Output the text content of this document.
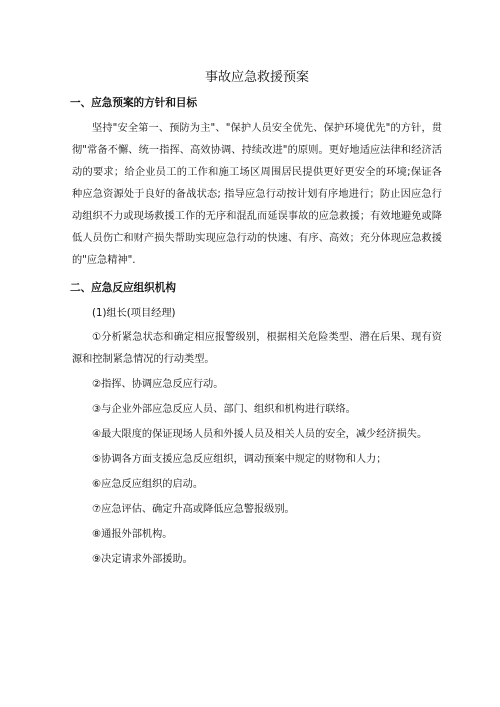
事故应急救援预案
一、应急预案的方针和目标

坚持"安全第一、预防为主"、"保护人员安全优先、保护环境优先"的方针，贯彻"常备不懈、统一指挥、高效协调、持续改进"的原则。更好地适应法律和经济活动的要求；给企业员工的工作和施工场区周围居民提供更好更安全的环境;保证各种应急资源处于良好的备战状态; 指导应急行动按计划有序地进行；防止因应急行动组织不力或现场救援工作的无序和混乱而延误事故的应急救援；有效地避免或降低人员伤亡和财产损失帮助实现应急行动的快速、有序、高效；充分体现应急救援的"应急精神".

二、应急反应组织机构
(1)组长(项目经理)

①分析紧急状态和确定相应报警级别，根据相关危险类型、潜在后果、现有资源和控制紧急情况的行动类型。

②指挥、协调应急反应行动。

③与企业外部应急反应人员、部门、组织和机构进行联络。

④最大限度的保证现场人员和外援人员及相关人员的安全，减少经济损失。

⑤协调各方面支援应急反应组织，调动预案中规定的财物和人力；

⑥应急反应组织的启动。

⑦应急评估、确定升高或降低应急警报级别。

⑧通报外部机构。

⑨决定请求外部援助。
